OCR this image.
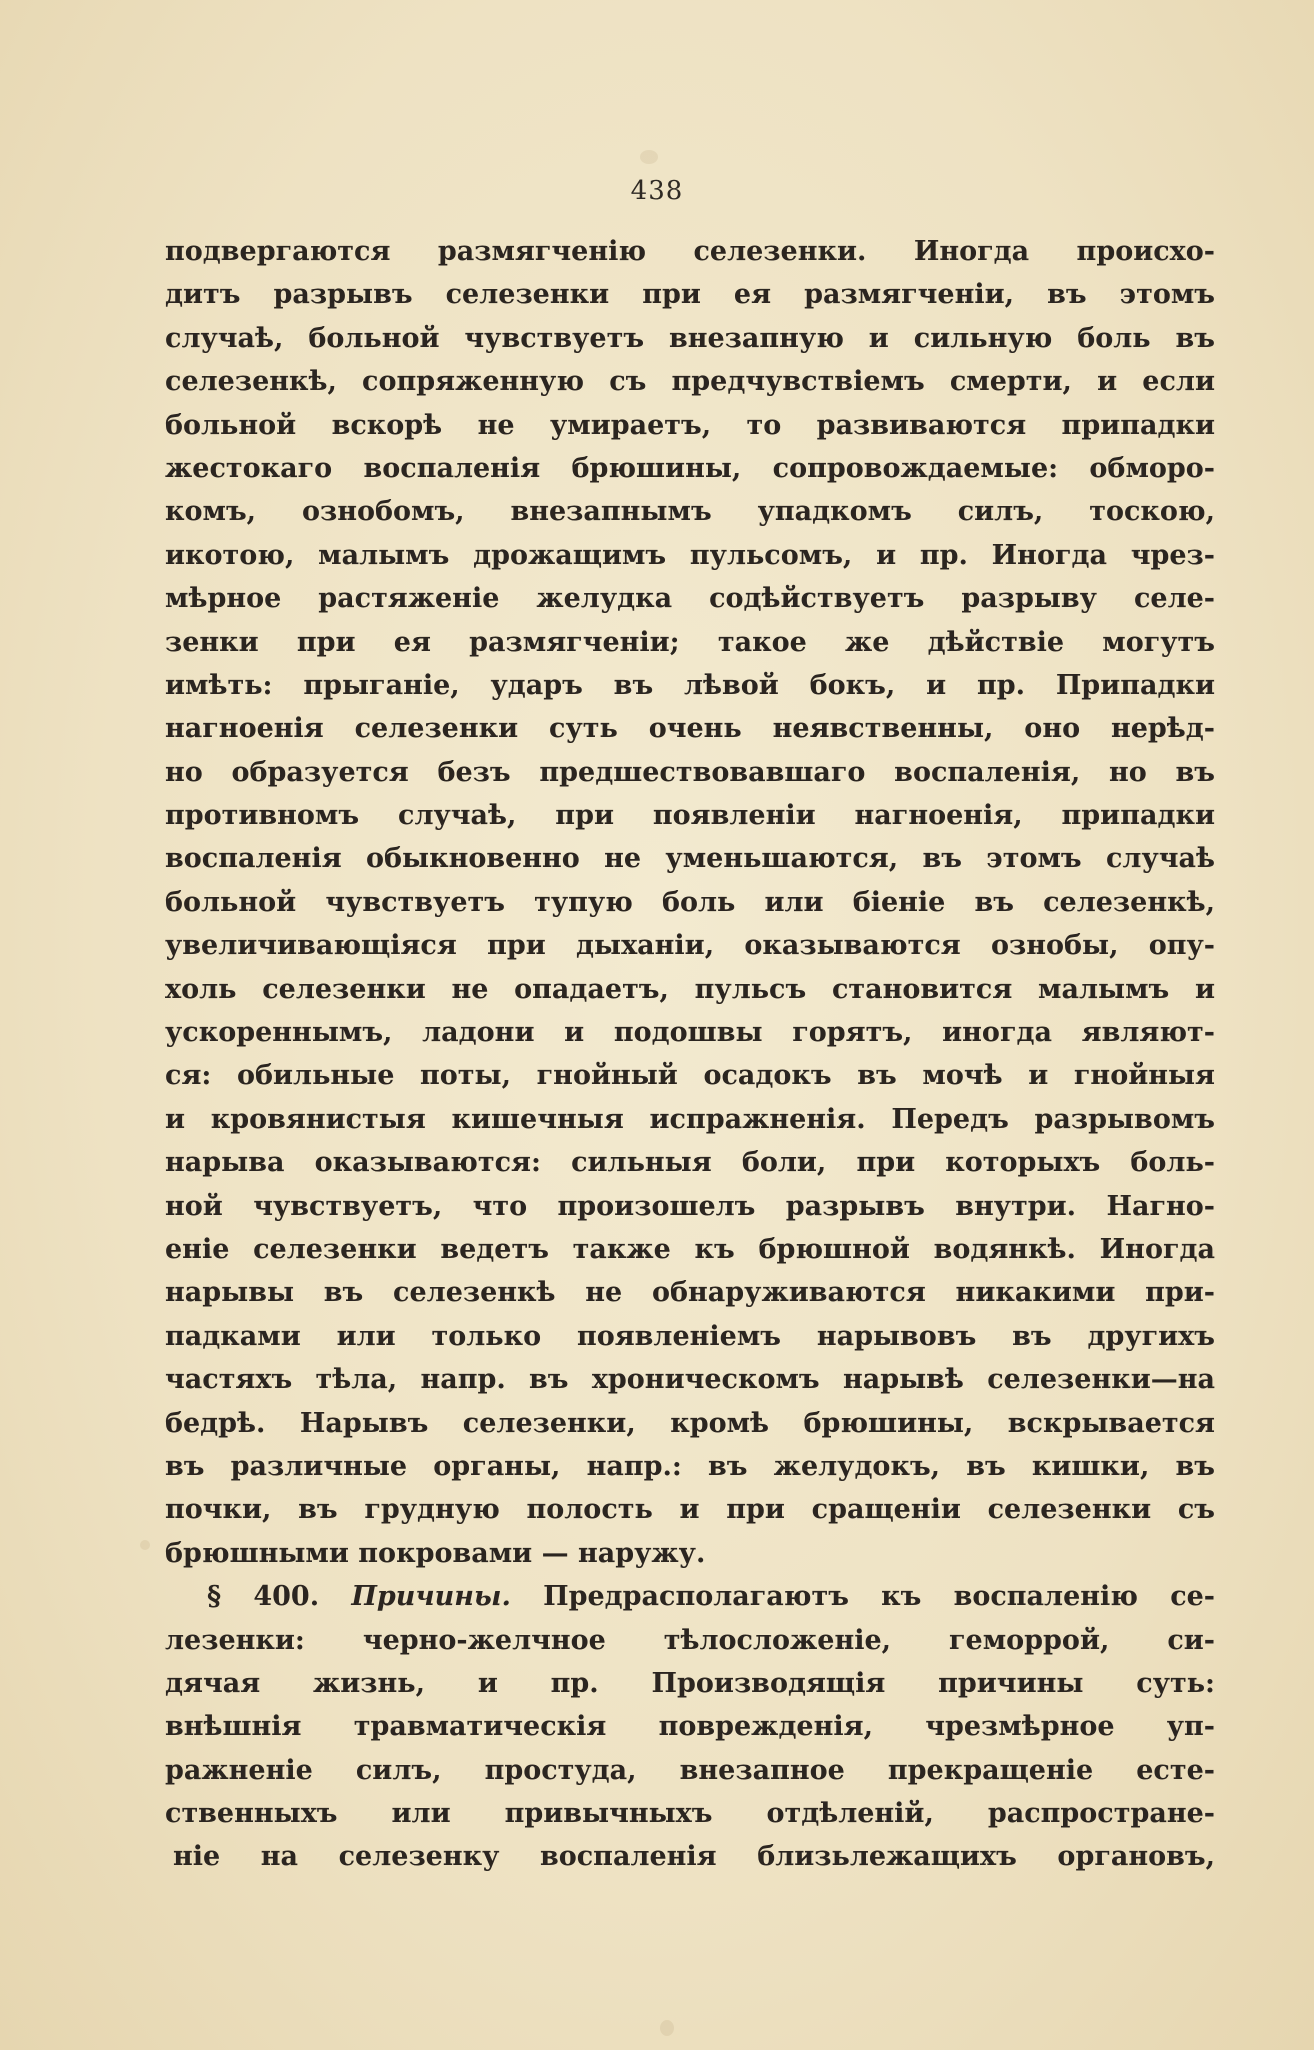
438
подвергаются размягченію селезенки. Иногда происхо-
дитъ разрывъ селезенки при ея размягченіи, въ этомъ
случаѣ, больной чувствуетъ внезапную и сильную боль въ
селезенкѣ, сопряженную съ предчувствіемъ смерти, и если
больной вскорѣ не умираетъ, то развиваются припадки
жестокаго воспаленія брюшины, сопровождаемые: обморо-
комъ, ознобомъ, внезапнымъ упадкомъ силъ, тоскою,
икотою, малымъ дрожащимъ пульсомъ, и пр. Иногда чрез-
мѣрное растяженіе желудка содѣйствуетъ разрыву селе-
зенки при ея размягченіи; такое же дѣйствіе могутъ
имѣть: прыганіе, ударъ въ лѣвой бокъ, и пр. Припадки
нагноенія селезенки суть очень неявственны, оно нерѣд-
но образуется безъ предшествовавшаго воспаленія, но въ
противномъ случаѣ, при появленіи нагноенія, припадки
воспаленія обыкновенно не уменьшаются, въ этомъ случаѣ
больной чувствуетъ тупую боль или біеніе въ селезенкѣ,
увеличивающіяся при дыханіи, оказываются ознобы, опу-
холь селезенки не опадаетъ, пульсъ становится малымъ и
ускореннымъ, ладони и подошвы горятъ, иногда являют-
ся: обильные поты, гнойный осадокъ въ мочѣ и гнойныя
и кровянистыя кишечныя испражненія. Передъ разрывомъ
нарыва оказываются: сильныя боли, при которыхъ боль-
ной чувствуетъ, что произошелъ разрывъ внутри. Нагно-
еніе селезенки ведетъ также къ брюшной водянкѣ. Иногда
нарывы въ селезенкѣ не обнаруживаются никакими при-
падками или только появленіемъ нарывовъ въ другихъ
частяхъ тѣла, напр. въ хроническомъ нарывѣ селезенки—на
бедрѣ. Нарывъ селезенки, кромѣ брюшины, вскрывается
въ различные органы, напр.: въ желудокъ, въ кишки, въ
почки, въ грудную полость и при сращеніи селезенки съ
брюшными покровами — наружу.
§ 400. Причины. Предрасполагаютъ къ воспаленію се-
лезенки: черно-желчное тѣлосложеніе, геморрой, си-
дячая жизнь, и пр. Производящія причины суть:
внѣшнія травматическія поврежденія, чрезмѣрное уп-
ражненіе силъ, простуда, внезапное прекращеніе есте-
ственныхъ или привычныхъ отдѣленій, распростране-
ніе на селезенку воспаленія близьлежащихъ органовъ,
